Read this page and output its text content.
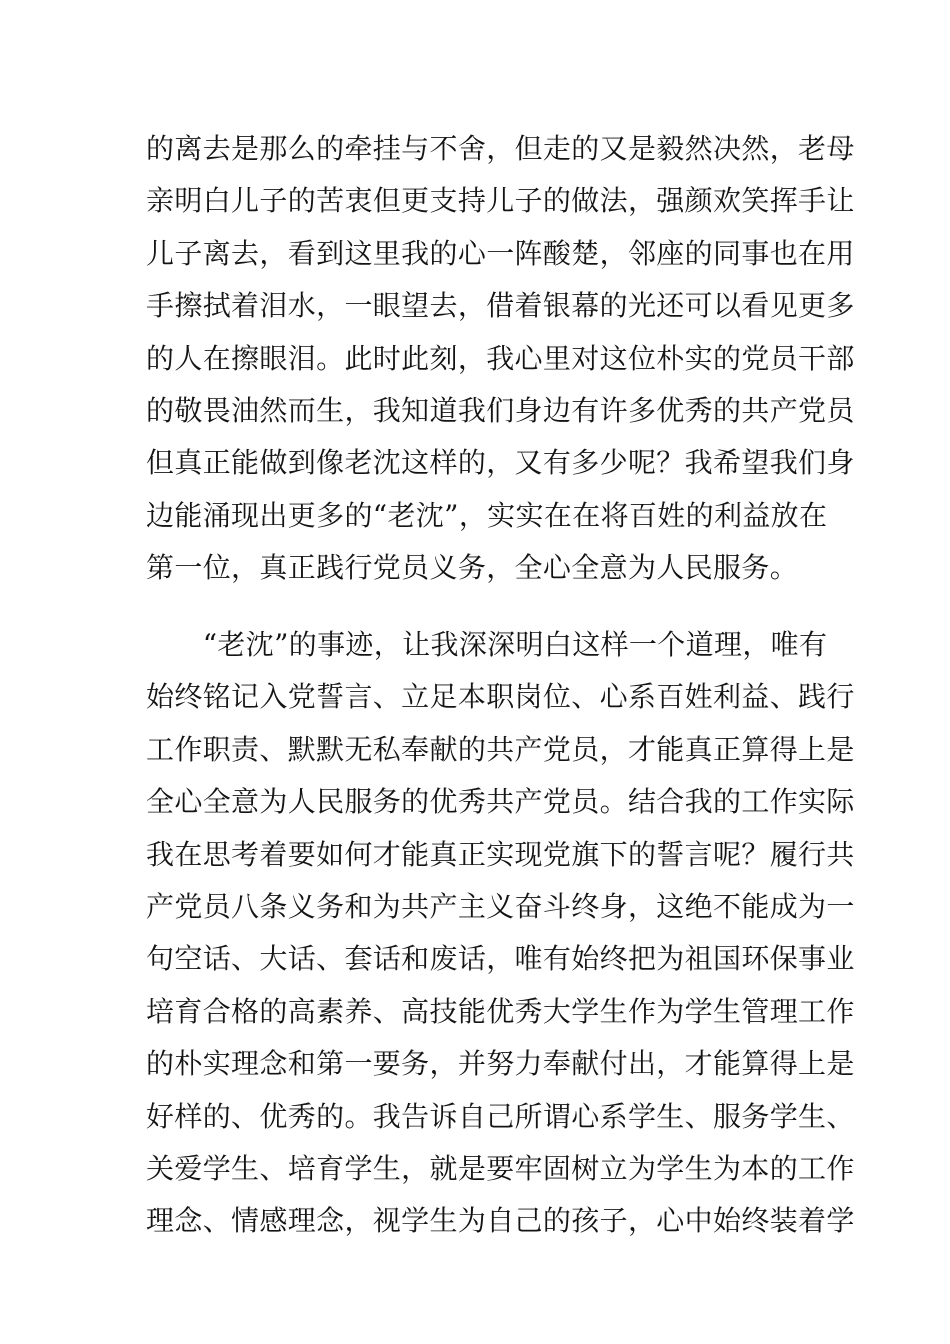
的离去是那么的牵挂与不舍，但走的又是毅然决然，老母
亲明白儿子的苦衷但更支持儿子的做法，强颜欢笑挥手让
儿子离去，看到这里我的心一阵酸楚，邻座的同事也在用
手擦拭着泪水，一眼望去，借着银幕的光还可以看见更多
的人在擦眼泪。此时此刻，我心里对这位朴实的党员干部
的敬畏油然而生，我知道我们身边有许多优秀的共产党员
但真正能做到像老沈这样的，又有多少呢？我希望我们身
边能涌现出更多的“老沈”，实实在在将百姓的利益放在
第一位，真正践行党员义务，全心全意为人民服务。
　　“老沈”的事迹，让我深深明白这样一个道理，唯有
始终铭记入党誓言、立足本职岗位、心系百姓利益、践行
工作职责、默默无私奉献的共产党员，才能真正算得上是
全心全意为人民服务的优秀共产党员。结合我的工作实际
我在思考着要如何才能真正实现党旗下的誓言呢？履行共
产党员八条义务和为共产主义奋斗终身，这绝不能成为一
句空话、大话、套话和废话，唯有始终把为祖国环保事业
培育合格的高素养、高技能优秀大学生作为学生管理工作
的朴实理念和第一要务，并努力奉献付出，才能算得上是
好样的、优秀的。我告诉自己所谓心系学生、服务学生、
关爱学生、培育学生，就是要牢固树立为学生为本的工作
理念、情感理念，视学生为自己的孩子，心中始终装着学
